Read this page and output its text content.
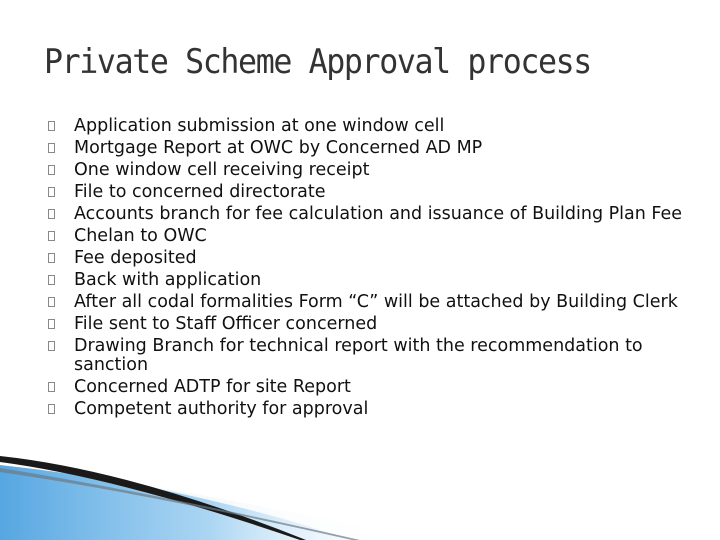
Private Scheme Approval process
Application submission at one window cell
Mortgage Report at OWC by Concerned AD MP
One window cell receiving receipt
File to concerned directorate
Accounts branch for fee calculation and issuance of Building Plan Fee
Chelan to OWC
Fee deposited
Back with application
After all codal formalities Form “C” will be attached by Building Clerk
File sent to Staff Officer concerned
Drawing Branch for technical report with the recommendation to sanction
Concerned ADTP for site Report
Competent authority for approval
